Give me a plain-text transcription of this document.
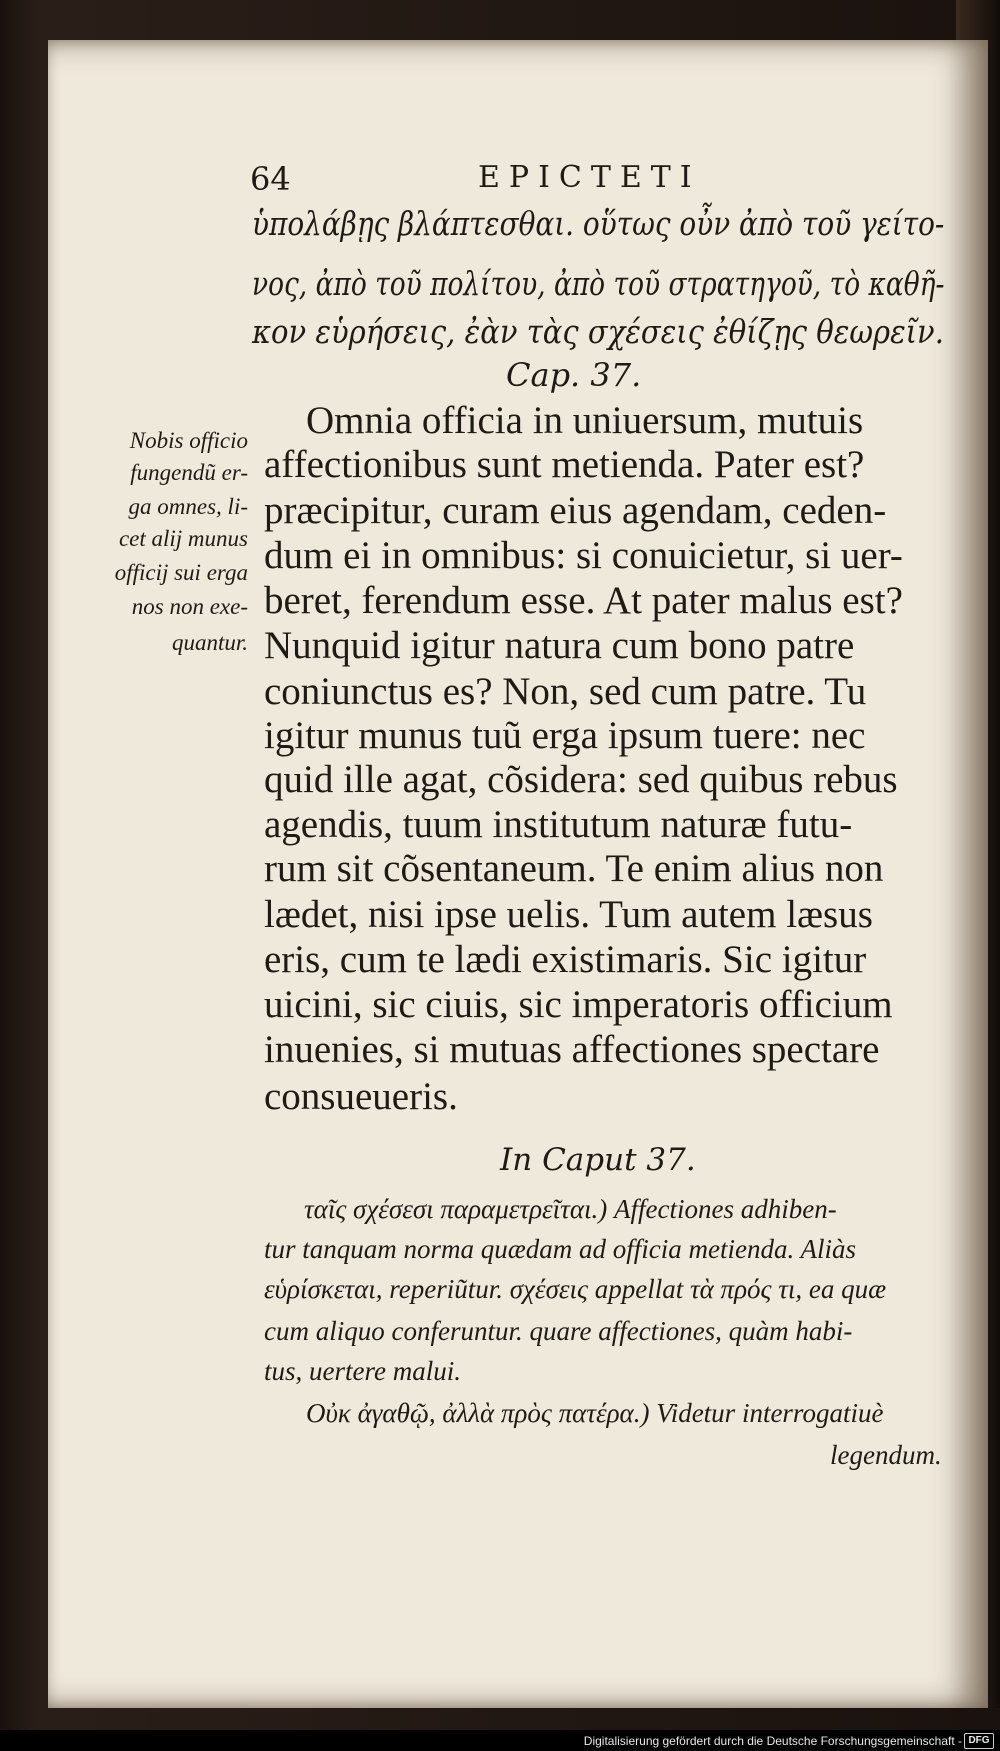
64	EPICTETI
ὑπολάβῃς βλάπτεσθαι. οὕτως οὖν ἀπὸ τοῦ γείτο-
νος, ἀπὸ τοῦ πολίτου, ἀπὸ τοῦ στρατηγοῦ, τὸ καθῆ-
κον εὑρήσεις, ἐὰν τὰς σχέσεις ἐθίζῃς θεωρεῖν.
Cap. 37.
Omnia officia in uniuersum, mutuis
affectionibus sunt metienda. Pater est?
præcipitur, curam eius agendam, ceden-
dum ei in omnibus: si conuicietur, si uer-
beret, ferendum esse. At pater malus est?
Nunquid igitur natura cum bono patre
coniunctus es? Non, sed cum patre. Tu
igitur munus tuũ erga ipsum tuere: nec
quid ille agat, cõsidera: sed quibus rebus
agendis, tuum institutum naturæ futu-
rum sit cõsentaneum. Te enim alius non
lædet, nisi ipse uelis. Tum autem læsus
eris, cum te lædi existimaris. Sic igitur
uicini, sic ciuis, sic imperatoris officium
inuenies, si mutuas affectiones spectare
consueueris.
Nobis officio
fungendũ er-
ga omnes, li-
cet alij munus
officij sui erga
nos non exe-
quantur.
In Caput 37.
ταῖς σχέσεσι παραμετρεῖται.) Affectiones adhiben-
tur tanquam norma quædam ad officia metienda. Aliàs
εὑρίσκεται, reperiũtur. σχέσεις appellat τὰ πρός τι, ea quæ
cum aliquo conferuntur. quare affectiones, quàm habi-
tus, uertere malui.
Οὐκ ἀγαθῷ, ἀλλὰ πρὸς πατέρα.) Videtur interrogatiuè
legendum.
Digitalisierung gefördert durch die Deutsche Forschungsgemeinschaft - DFG
